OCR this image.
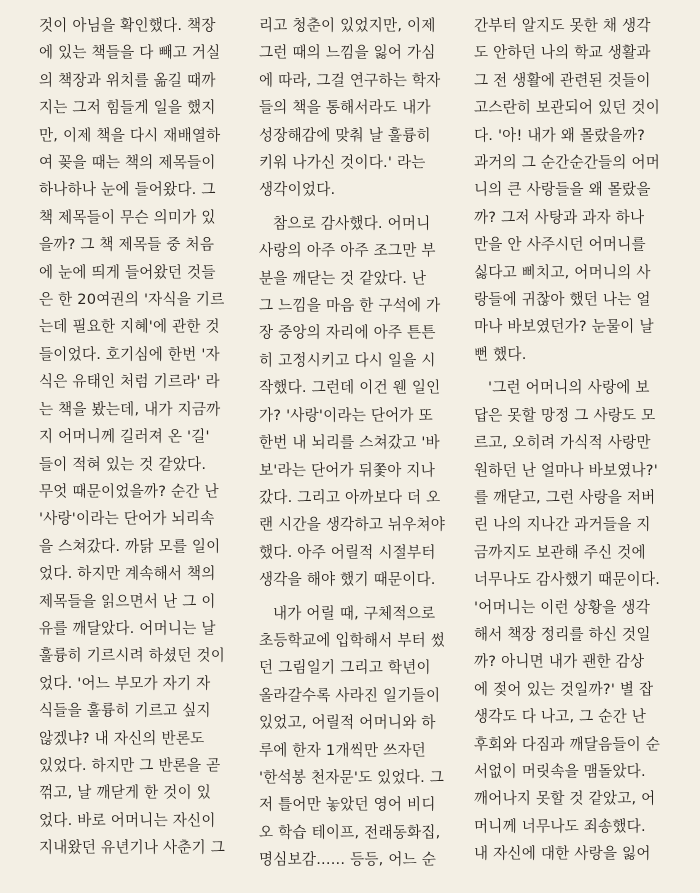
것이 아님을 확인했다. 책장
에 있는 책들을 다 빼고 거실
의 책장과 위치를 옮길 때까
지는 그저 힘들게 일을 했지
만, 이제 책을 다시 재배열하
여 꽂을 때는 책의 제목들이
하나하나 눈에 들어왔다. 그
책 제목들이 무슨 의미가 있
을까? 그 책 제목들 중 처음
에 눈에 띄게 들어왔던 것들
은 한 20여권의 '자식을 기르
는데 필요한 지혜'에 관한 것
들이었다. 호기심에 한번 '자
식은 유태인 처럼 기르라' 라
는 책을 봤는데, 내가 지금까
지 어머니께 길러져 온 '길'
들이 적혀 있는 것 같았다.
무엇 때문이었을까? 순간 난
'사랑'이라는 단어가 뇌리속
을 스쳐갔다. 까닭 모를 일이
었다. 하지만 계속해서 책의
제목들을 읽으면서 난 그 이
유를 깨달았다. 어머니는 날
훌륭히 기르시려 하셨던 것이
었다. '어느 부모가 자기 자
식들을 훌륭히 기르고 싶지
않겠냐? 내 자신의 반론도
있었다. 하지만 그 반론을 곧
꺾고, 날 깨닫게 한 것이 있
었다. 바로 어머니는 자신이
지내왔던 유년기나 사춘기 그

리고 청춘이 있었지만, 이제
그런 때의 느낌을 잃어 가심
에 따라, 그걸 연구하는 학자
들의 책을 통해서라도 내가
성장해감에 맞춰 날 훌륭히
키워 나가신 것이다.' 라는
생각이었다.

참으로 감사했다. 어머니
사랑의 아주 아주 조그만 부
분을 깨닫는 것 같았다. 난
그 느낌을 마음 한 구석에 가
장 중앙의 자리에 아주 튼튼
히 고정시키고 다시 일을 시
작했다. 그런데 이건 웬 일인
가? '사랑'이라는 단어가 또
한번 내 뇌리를 스쳐갔고 '바
보'라는 단어가 뒤쫓아 지나
갔다. 그리고 아까보다 더 오
랜 시간을 생각하고 뉘우쳐야
했다. 아주 어릴적 시절부터
생각을 해야 했기 때문이다.

내가 어릴 때, 구체적으로
초등학교에 입학해서 부터 썼
던 그림일기 그리고 학년이
올라갈수록 사라진 일기들이
있었고, 어릴적 어머니와 하
루에 한자 1개씩만 쓰자던
'한석봉 천자문'도 있었다. 그
저 틀어만 놓았던 영어 비디
오 학습 테이프, 전래동화집,
명심보감...... 등등, 어느 순

간부터 알지도 못한 채 생각
도 안하던 나의 학교 생활과
그 전 생활에 관련된 것들이
고스란히 보관되어 있던 것이
다. '아! 내가 왜 몰랐을까?
과거의 그 순간순간들의 어머
니의 큰 사랑들을 왜 몰랐을
까? 그저 사탕과 과자 하나
만을 안 사주시던 어머니를
싫다고 삐치고, 어머니의 사
랑들에 귀찮아 했던 나는 얼
마나 바보였던가? 눈물이 날
뻔 했다.

'그런 어머니의 사랑에 보
답은 못할 망정 그 사랑도 모
르고, 오히려 가식적 사랑만
원하던 난 얼마나 바보였나?'
를 깨닫고, 그런 사랑을 저버
린 나의 지나간 과거들을 지
금까지도 보관해 주신 것에
너무나도 감사했기 때문이다.
'어머니는 이런 상황을 생각
해서 책장 정리를 하신 것일
까? 아니면 내가 괜한 감상
에 젖어 있는 것일까?' 별 잡
생각도 다 나고, 그 순간 난
후회와 다짐과 깨달음들이 순
서없이 머릿속을 맴돌았다.
깨어나지 못할 것 같았고, 어
머니께 너무나도 죄송했다.
내 자신에 대한 사랑을 잃어
